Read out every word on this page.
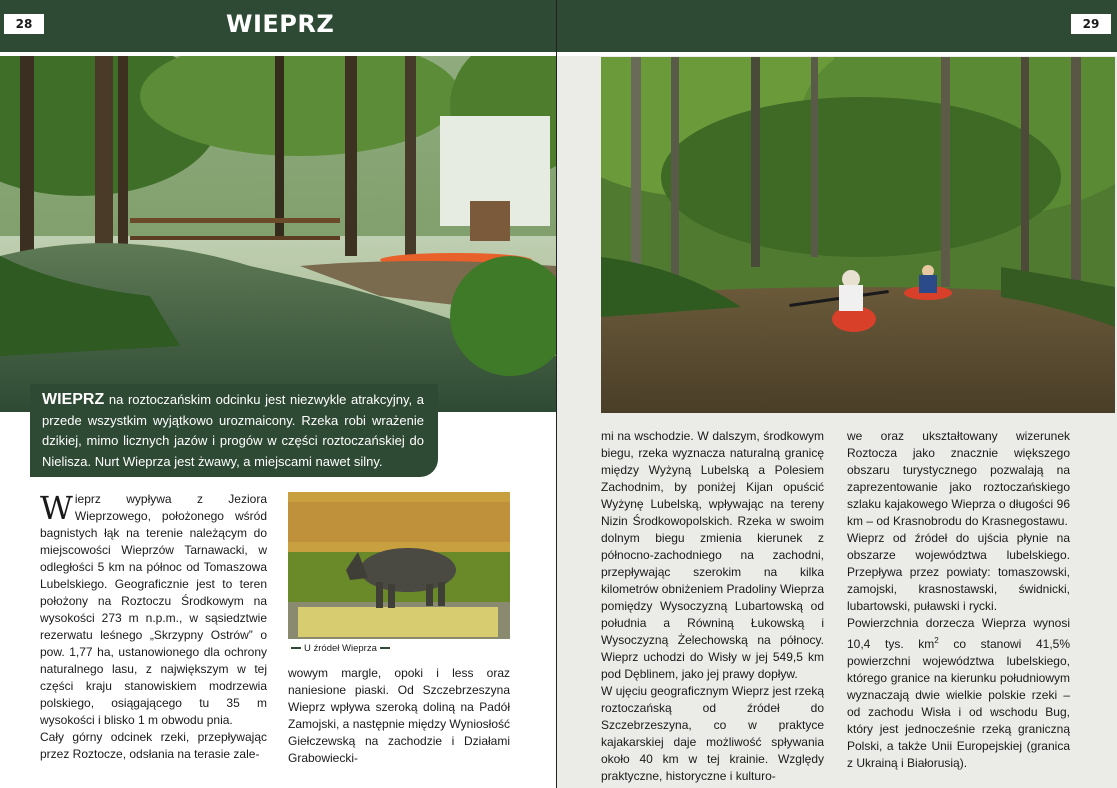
28	WIEPRZ
WIEPRZ na roztoczańskim odcinku jest niezwykle atrakcyjny, a przede wszystkim wyjątkowo urozmaicony. Rzeka robi wrażenie dzikiej, mimo licznych jazów i progów w części roztoczańskiej do Nielisza. Nurt Wieprza jest żwawy, a miejscami nawet silny.

Wieprz wypływa z Jeziora Wieprzowego, położonego wśród bagnistych łąk na terenie należącym do miejscowości Wieprzów Tarnawacki, w odległości 5 km na północ od Tomaszowa Lubelskiego. Geograficznie jest to teren położony na Roztoczu Środkowym na wysokości 273 m n.p.m., w sąsiedztwie rezerwatu leśnego „Skrzypny Ostrów” o pow. 1,77 ha, ustanowionego dla ochrony naturalnego lasu, z największym w tej części kraju stanowiskiem modrzewia polskiego, osiągającego tu 35 m wysokości i blisko 1 m obwodu pnia.

Cały górny odcinek rzeki, przepływając przez Roztocze, odsłania na terasie zale-

U źródeł Wieprza

wowym margle, opoki i less oraz naniesione piaski. Od Szczebrzeszyna Wieprz wpływa szeroką doliną na Padół Zamojski, a następnie między Wyniosłość Giełczewską na zachodzie i Działami Grabowiecki-

29

mi na wschodzie. W dalszym, środkowym biegu, rzeka wyznacza naturalną granicę między Wyżyną Lubelską a Polesiem Zachodnim, by poniżej Kijan opuścić Wyżynę Lubelską, wpływając na tereny Nizin Środkowopolskich. Rzeka w swoim dolnym biegu zmienia kierunek z północno-zachodniego na zachodni, przepływając szerokim na kilka kilometrów obniżeniem Pradoliny Wieprza pomiędzy Wysoczyzną Lubartowską od południa a Równiną Łukowską i Wysoczyzną Żelechowską na północy. Wieprz uchodzi do Wisły w jej 549,5 km pod Dęblinem, jako jej prawy dopływ.

W ujęciu geograficznym Wieprz jest rzeką roztoczańską od źródeł do Szczebrzeszyna, co w praktyce kajakarskiej daje możliwość spływania około 40 km w tej krainie. Względy praktyczne, historyczne i kulturo-

we oraz ukształtowany wizerunek Roztocza jako znacznie większego obszaru turystycznego pozwalają na zaprezentowanie jako roztoczańskiego szlaku kajakowego Wieprza o długości 96 km – od Krasnobrodu do Krasnegostawu.

Wieprz od źródeł do ujścia płynie na obszarze województwa lubelskiego. Przepływa przez powiaty: tomaszowski, zamojski, krasnostawski, świdnicki, lubartowski, puławski i rycki.

Powierzchnia dorzecza Wieprza wynosi 10,4 tys. $km^2$ co stanowi 41,5% powierzchni województwa lubelskiego, którego granice na kierunku południowym wyznaczają dwie wielkie polskie rzeki – od zachodu Wisła i od wschodu Bug, który jest jednocześnie rzeką graniczną Polski, a także Unii Europejskiej (granica z Ukrainą i Białorusią).
